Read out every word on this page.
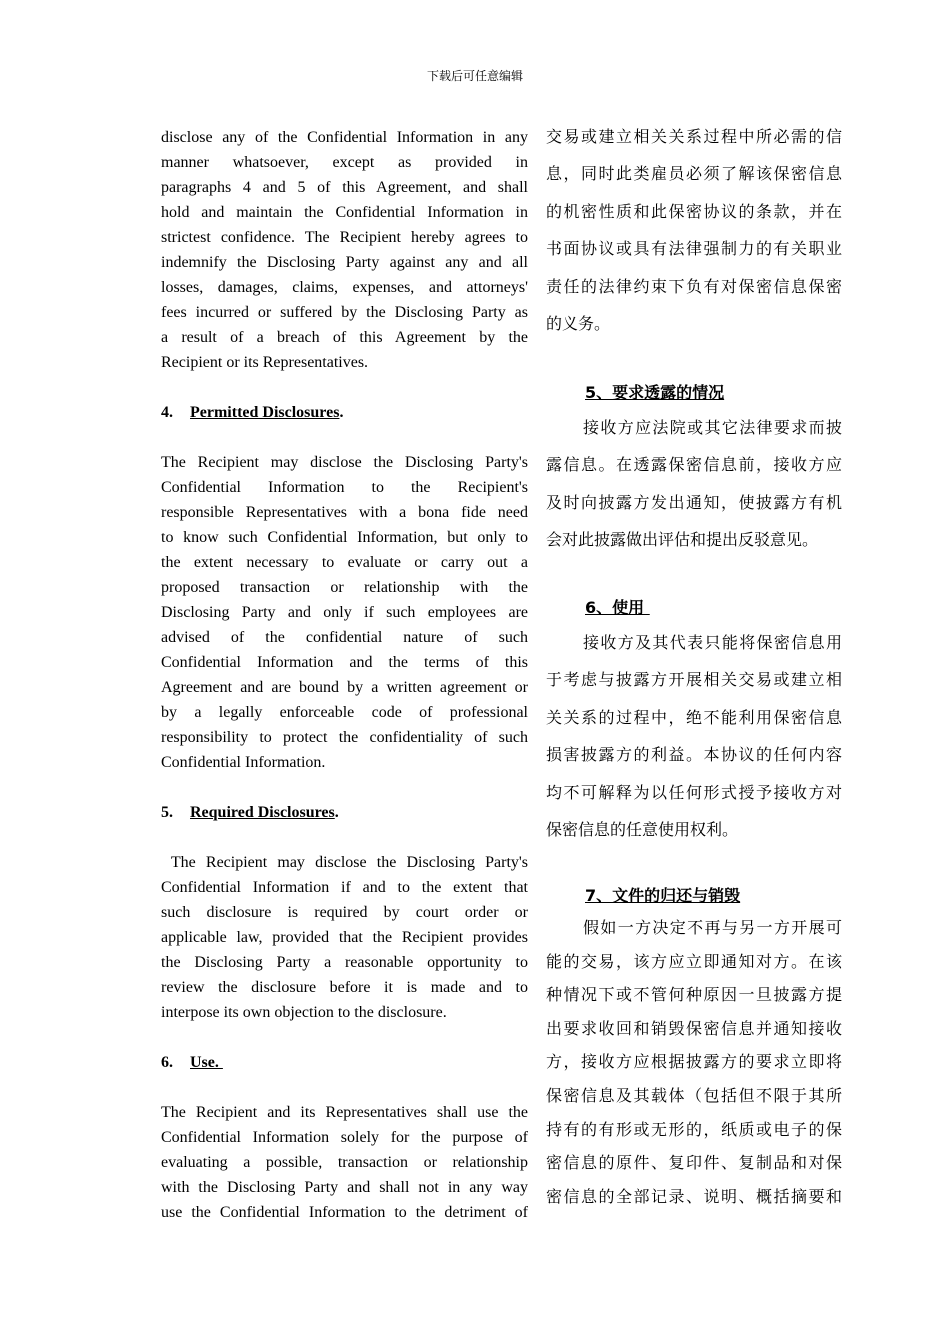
下载后可任意编辑
disclose any of the Confidential Information in any
manner whatsoever, except as provided in
paragraphs 4 and 5 of this Agreement, and shall
hold and maintain the Confidential Information in
strictest confidence. The Recipient hereby agrees to
indemnify the Disclosing Party against any and all
losses, damages, claims, expenses, and attorneys'
fees incurred or suffered by the Disclosing Party as
a result of a breach of this Agreement by the
Recipient or its Representatives.
4. Permitted Disclosures.
The Recipient may disclose the Disclosing Party's
Confidential Information to the Recipient's
responsible Representatives with a bona fide need
to know such Confidential Information, but only to
the extent necessary to evaluate or carry out a
proposed transaction or relationship with the
Disclosing Party and only if such employees are
advised of the confidential nature of such
Confidential Information and the terms of this
Agreement and are bound by a written agreement or
by a legally enforceable code of professional
responsibility to protect the confidentiality of such
Confidential Information.
5. Required Disclosures.
The Recipient may disclose the Disclosing Party's
Confidential Information if and to the extent that
such disclosure is required by court order or
applicable law, provided that the Recipient provides
the Disclosing Party a reasonable opportunity to
review the disclosure before it is made and to
interpose its own objection to the disclosure.
6. Use.
The Recipient and its Representatives shall use the
Confidential Information solely for the purpose of
evaluating a possible, transaction or relationship
with the Disclosing Party and shall not in any way
use the Confidential Information to the detriment of
交易或建立相关关系过程中所必需的信
息，同时此类雇员必须了解该保密信息
的机密性质和此保密协议的条款，并在
书面协议或具有法律强制力的有关职业
责任的法律约束下负有对保密信息保密
的义务。
5、要求透露的情况
接收方应法院或其它法律要求而披
露信息。在透露保密信息前，接收方应
及时向披露方发出通知，使披露方有机
会对此披露做出评估和提出反驳意见。
6、使用
接收方及其代表只能将保密信息用
于考虑与披露方开展相关交易或建立相
关关系的过程中，绝不能利用保密信息
损害披露方的利益。本协议的任何内容
均不可解释为以任何形式授予接收方对
保密信息的任意使用权利。
7、文件的归还与销毁
假如一方决定不再与另一方开展可
能的交易，该方应立即通知对方。在该
种情况下或不管何种原因一旦披露方提
出要求收回和销毁保密信息并通知接收
方，接收方应根据披露方的要求立即将
保密信息及其载体（包括但不限于其所
持有的有形或无形的，纸质或电子的保
密信息的原件、复印件、复制品和对保
密信息的全部记录、说明、概括摘要和
